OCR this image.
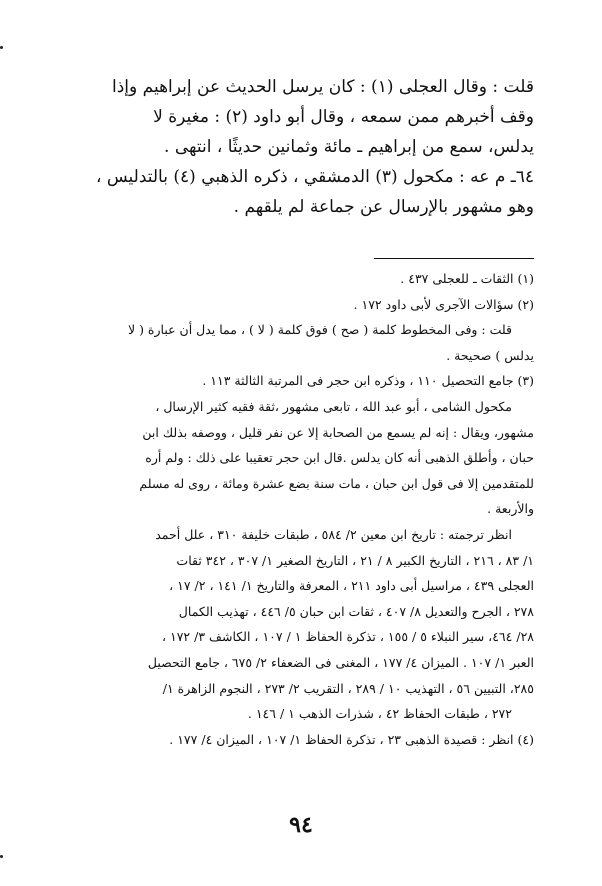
قلت : وقال العجلى (١) : كان يرسل الحديث عن إبراهيم وإذا

وقف أخبرهم ممن سمعه ، وقال أبو داود (٢) : مغيرة لا

يدلس، سمع من إبراهيم ـ مائة وثمانين حديثًا ، انتهى .

٦٤ـ م عه : مكحول (٣) الدمشقي ، ذكره الذهبي (٤) بالتدليس ،

وهو مشهور بالإرسال عن جماعة لم يلقهم .

(١) الثقات ـ للعجلى ٤٣٧ .

(٢) سؤالات الآجرى لأبى داود ١٧٢ .

قلت : وفى المخطوط كلمة ( صح ) فوق كلمة ( لا ) ، مما يدل أن عبارة ( لا

يدلس ) صحيحة .

(٣) جامع التحصيل ١١٠ ، وذكره ابن حجر فى المرتبة الثالثة ١١٣ .

مكحول الشامى ، أبو عبد الله ، تابعى مشهور ،ثقة فقيه كثير الإرسال ،

مشهور، ويقال : إنه لم يسمع من الصحابة إلا عن نفر قليل ، ووصفه بذلك ابن

حبان ، وأطلق الذهبى أنه كان يدلس .قال ابن حجر تعقيبا على ذلك : ولم أره

للمتقدمين إلا فى قول ابن حبان ، مات سنة بضع عشرة ومائة ، روى له مسلم

والأربعة .

انظر ترجمته : تاريخ ابن معين ٢/ ٥٨٤ ، طبقات خليفة ٣١٠ ، علل أحمد

١/ ٨٣ ، ٢١٦ ، التاريخ الكبير ٨ / ٢١ ، التاريخ الصغير ١/ ٣٠٧ ، ٣٤٢ ثقات

العجلى ٤٣٩ ، مراسيل أبى داود ٢١١ ، المعرفة والتاريخ ١/ ١٤١ ، ٢/ ١٧ ،

٢٧٨ ، الجرح والتعديل ٨/ ٤٠٧ ، ثقات ابن حبان ٥/ ٤٤٦ ، تهذيب الكمال

٢٨/ ٤٦٤، سير النبلاء ٥ / ١٥٥ ، تذكرة الحفاظ ١ / ١٠٧ ، الكاشف ٣/ ١٧٢ ،

العبر ١/ ١٠٧ . الميزان ٤/ ١٧٧ ، المغنى فى الضعفاء ٢/ ٦٧٥ ، جامع التحصيل

٢٨٥، التبيين ٥٦ ، التهذيب ١٠ / ٢٨٩ ، التقريب ٢/ ٢٧٣ ، النجوم الزاهرة ١/

٢٧٢ ، طبقات الحفاظ ٤٢ ، شذرات الذهب ١ / ١٤٦ .

(٤) انظر : قصيدة الذهبى ٢٣ ، تذكرة الحفاظ ١/ ١٠٧ ، الميزان ٤/ ١٧٧ .

٩٤
